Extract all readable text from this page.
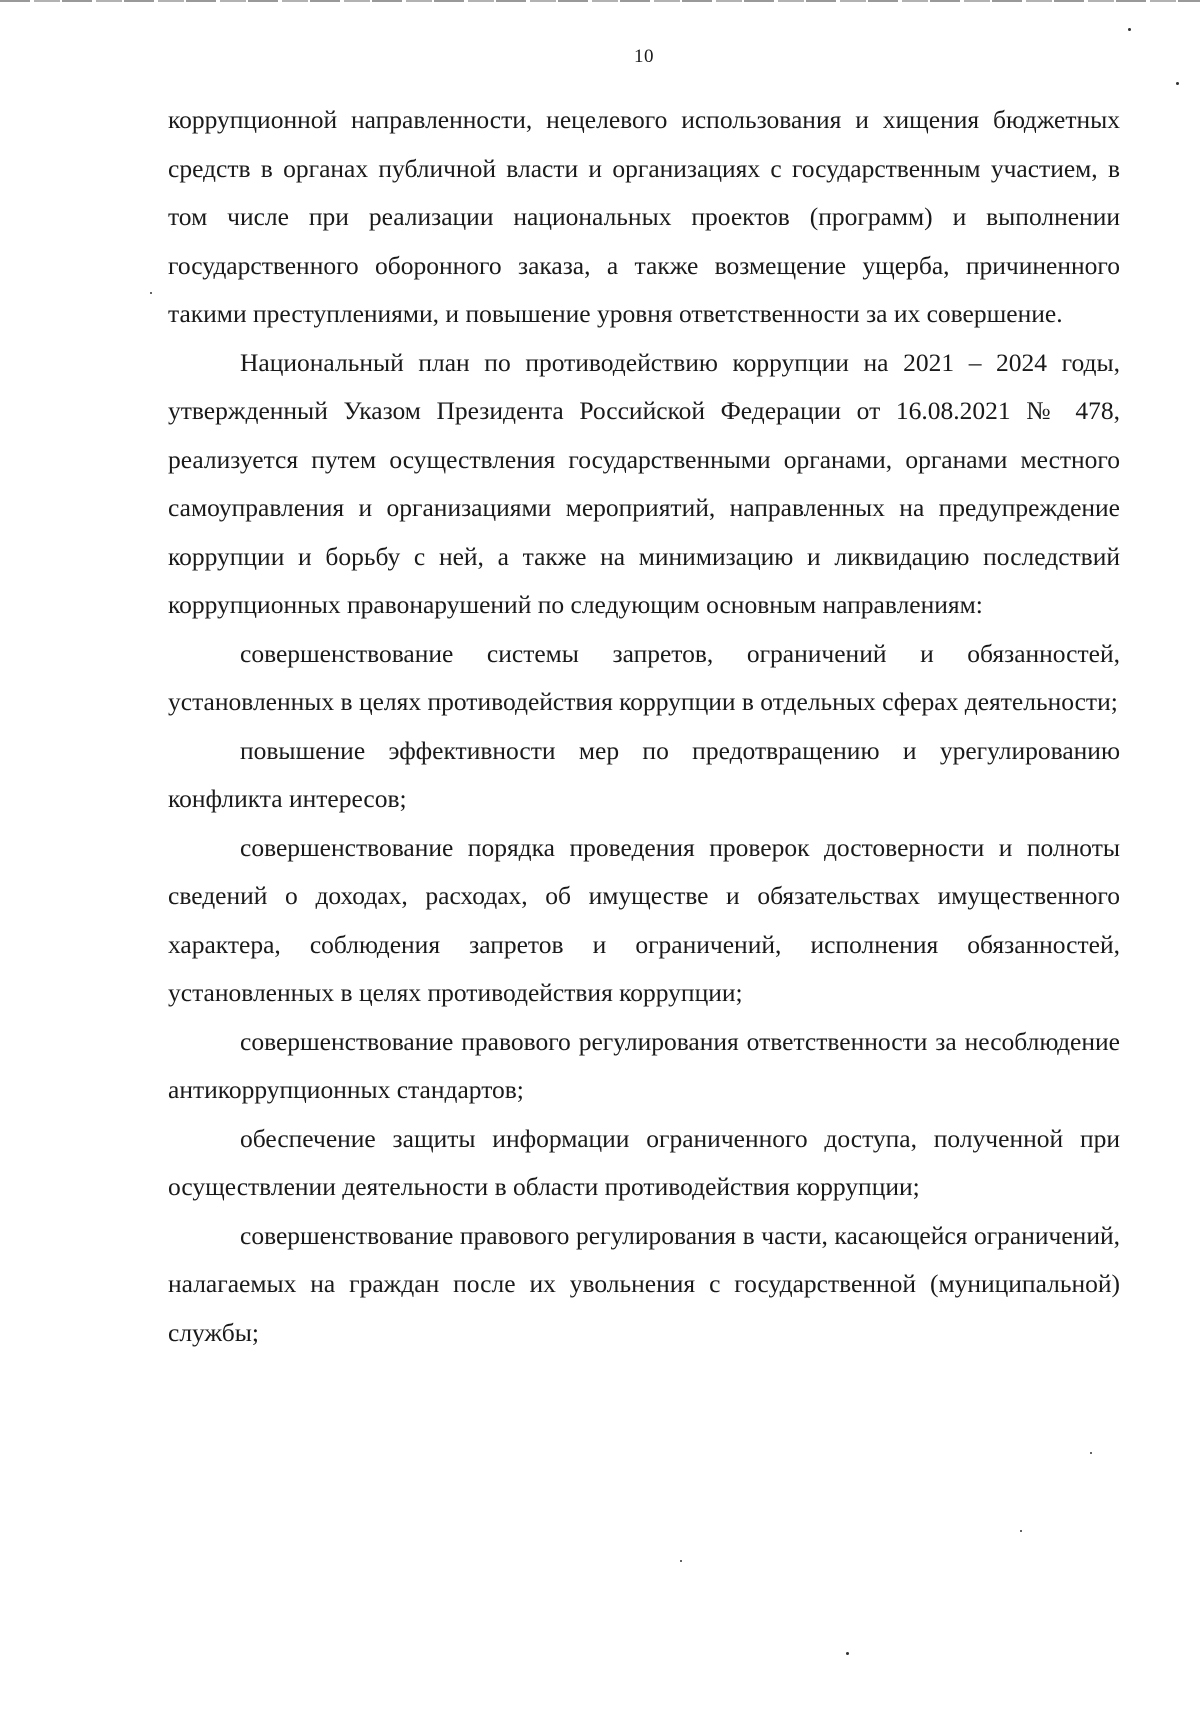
10

коррупционной направленности, нецелевого использования и хищения бюджетных средств в органах публичной власти и организациях с государственным участием, в том числе при реализации национальных проектов (программ) и выполнении государственного оборонного заказа, а также возмещение ущерба, причиненного такими преступлениями, и повышение уровня ответственности за их совершение.

Национальный план по противодействию коррупции на 2021 – 2024 годы, утвержденный Указом Президента Российской Федерации от 16.08.2021 № 478, реализуется путем осуществления государственными органами, органами местного самоуправления и организациями мероприятий, направленных на предупреждение коррупции и борьбу с ней, а также на минимизацию и ликвидацию последствий коррупционных правонарушений по следующим основным направлениям:

совершенствование системы запретов, ограничений и обязанностей, установленных в целях противодействия коррупции в отдельных сферах деятельности;

повышение эффективности мер по предотвращению и урегулированию конфликта интересов;

совершенствование порядка проведения проверок достоверности и полноты сведений о доходах, расходах, об имуществе и обязательствах имущественного характера, соблюдения запретов и ограничений, исполнения обязанностей, установленных в целях противодействия коррупции;

совершенствование правового регулирования ответственности за несоблюдение антикоррупционных стандартов;

обеспечение защиты информации ограниченного доступа, полученной при осуществлении деятельности в области противодействия коррупции;

совершенствование правового регулирования в части, касающейся ограничений, налагаемых на граждан после их увольнения с государственной (муниципальной) службы;
